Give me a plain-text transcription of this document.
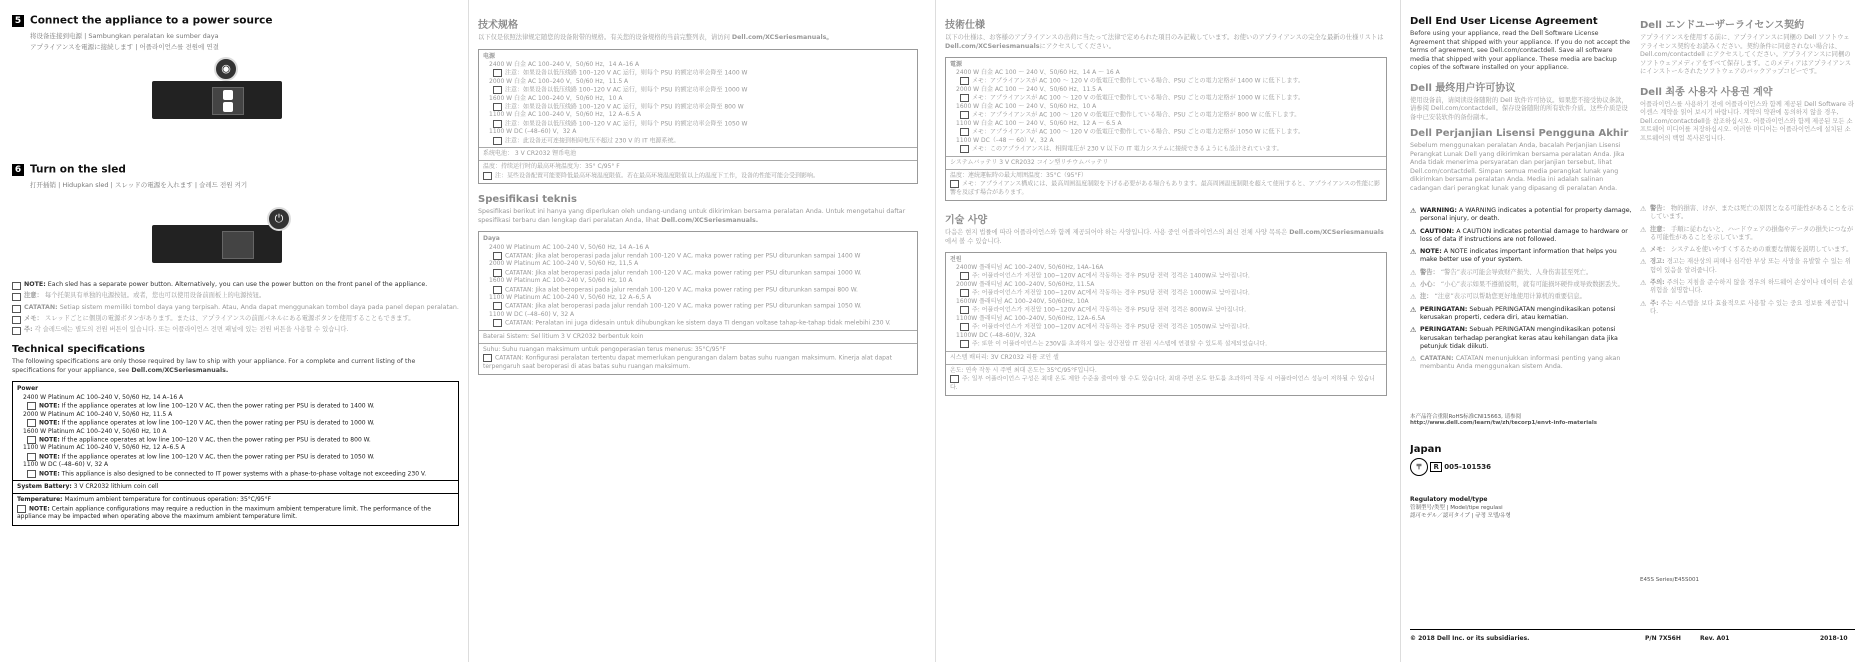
5 Connect the appliance to a power source
将设备连接到电源 | Sambungkan peralatan ke sumber daya
アプライアンスを電源に接続します | 어플라이언스를 전원에 연결
◉
6 Turn on the sled
打开插销 | Hidupkan sled | スレッドの電源を入れます | 슬레드 전원 켜기
⏻
NOTE: Each sled has a separate power button. Alternatively, you can use the power button on the front panel of the appliance.
注意： 每个托架具有单独的电源按钮。或者，您也可以使用设备前面板上的电源按钮。
CATATAN: Setiap sistem memiliki tombol daya yang terpisah. Atau, Anda dapat menggunakan tombol daya pada panel depan peralatan.
メモ： スレッドごとに個別の電源ボタンがあります。または、アプライアンスの前面パネルにある電源ボタンを使用することもできます。
주: 각 슬레드에는 별도의 전원 버튼이 있습니다. 또는 어플라이언스 전면 패널에 있는 전원 버튼을 사용할 수 있습니다.
Technical specifications
The following specifications are only those required by law to ship with your appliance. For a complete and current listing of the specifications for your appliance, see Dell.com/XCSeriesmanuals.
Power
2400 W Platinum AC 100–240 V, 50/60 Hz, 14 A–16 A
NOTE: If the appliance operates at low line 100–120 V AC, then the power rating per PSU is derated to 1400 W.
2000 W Platinum AC 100–240 V, 50/60 Hz, 11.5 A
NOTE: If the appliance operates at low line 100–120 V AC, then the power rating per PSU is derated to 1000 W.
1600 W Platinum AC 100–240 V, 50/60 Hz, 10 A
NOTE: If the appliance operates at low line 100–120 V AC, then the power rating per PSU is derated to 800 W.
1100 W Platinum AC 100–240 V, 50/60 Hz, 12 A–6.5 A
NOTE: If the appliance operates at low line 100–120 V AC, then the power rating per PSU is derated to 1050 W.
1100 W DC (–48–60) V, 32 A
NOTE: This appliance is also designed to be connected to IT power systems with a phase-to-phase voltage not exceeding 230 V.
System Battery: 3 V CR2032 lithium coin cell
Temperature: Maximum ambient temperature for continuous operation: 35°C/95°F
NOTE: Certain appliance configurations may require a reduction in the maximum ambient temperature limit. The performance of the appliance may be impacted when operating above the maximum ambient temperature limit.
技术规格
以下仅是依照法律规定随您的设备附带的规格。有关您的设备规格的当前完整列表，请访问 Dell.com/XCSeriesmanuals。
电源
2400 W 白金 AC 100–240 V，50/60 Hz，14 A–16 A
注意：如果设备以低压线路 100–120 V AC 运行，则每个 PSU 的额定功率会降至 1400 W
2000 W 白金 AC 100–240 V，50/60 Hz，11.5 A
注意：如果设备以低压线路 100–120 V AC 运行，则每个 PSU 的额定功率会降至 1000 W
1600 W 白金 AC 100–240 V，50/60 Hz，10 A
注意：如果设备以低压线路 100–120 V AC 运行，则每个 PSU 的额定功率会降至 800 W
1100 W 白金 AC 100–240 V，50/60 Hz，12 A–6.5 A
注意：如果设备以低压线路 100–120 V AC 运行，则每个 PSU 的额定功率会降至 1050 W
1100 W DC (–48–60) V，32 A
注意：此设备还可连接到相间电压不超过 230 V 的 IT 电源系统。
系统电池： 3 V CR2032 锂币电池
温度：持续运行时的最高环境温度为：35° C/95° F
注：某些设备配置可能要降低最高环境温度限值。若在最高环境温度限值以上的温度下工作，设备的性能可能会受到影响。
Spesifikasi teknis
Spesifikasi berikut ini hanya yang diperlukan oleh undang-undang untuk dikirimkan bersama peralatan Anda. Untuk mengetahui daftar spesifikasi terbaru dan lengkap dari peralatan Anda, lihat Dell.com/XCSeriesmanuals.
Daya
2400 W Platinum AC 100–240 V, 50/60 Hz, 14 A–16 A
CATATAN: Jika alat beroperasi pada jalur rendah 100-120 V AC, maka power rating per PSU diturunkan sampai 1400 W
2000 W Platinum AC 100–240 V, 50/60 Hz, 11,5 A
CATATAN: Jika alat beroperasi pada jalur rendah 100-120 V AC, maka power rating per PSU diturunkan sampai 1000 W.
1600 W Platinum AC 100–240 V, 50/60 Hz, 10 A
CATATAN: Jika alat beroperasi pada jalur rendah 100-120 V AC, maka power rating per PSU diturunkan sampai 800 W.
1100 W Platinum AC 100–240 V, 50/60 Hz, 12 A–6,5 A
CATATAN: Jika alat beroperasi pada jalur rendah 100-120 V AC, maka power rating per PSU diturunkan sampai 1050 W.
1100 W DC (–48–60) V, 32 A
CATATAN: Peralatan ini juga didesain untuk dihubungkan ke sistem daya TI dengan voltase tahap-ke-tahap tidak melebihi 230 V.
Baterai Sistem: Sel litium 3 V CR2032 berbentuk koin
Suhu: Suhu ruangan maksimum untuk pengoperasian terus menerus: 35°C/95°F
CATATAN: Konfigurasi peralatan tertentu dapat memerlukan pengurangan dalam batas suhu ruangan maksimum. Kinerja alat dapat terpengaruh saat beroperasi di atas batas suhu ruangan maksimum.
技術仕様
以下の仕様は、お客様のアプライアンスの出荷に当たって法律で定められた項目のみ記載しています。お使いのアプライアンスの完全な最新の仕様リストは Dell.com/XCSeriesmanualsにアクセスしてください。
電源
2400 W 白金 AC 100 〜 240 V、50/60 Hz、14 A 〜 16 A
メモ：アプライアンスが AC 100 〜 120 V の低電圧で動作している場合、PSU ごとの電力定格が 1400 W に低下します。
2000 W 白金 AC 100 〜 240 V、50/60 Hz、11.5 A
メモ：アプライアンスが AC 100 〜 120 V の低電圧で動作している場合、PSU ごとの電力定格が 1000 W に低下します。
1600 W 白金 AC 100 〜 240 V、50/60 Hz、10 A
メモ：アプライアンスが AC 100 〜 120 V の低電圧で動作している場合、PSU ごとの電力定格が 800 W に低下します。
1100 W 白金 AC 100 〜 240 V、50/60 Hz、12 A 〜 6.5 A
メモ：アプライアンスが AC 100 〜 120 V の低電圧で動作している場合、PSU ごとの電力定格が 1050 W に低下します。
1100 W DC（–48 〜 60）V、32 A
メモ：このアプライアンスは、相間電圧が 230 V 以下の IT 電力システムに接続できるようにも設計されています。
システムバッテリ 3 V CR2032 コイン型リチウムバッテリ
温度：連続運転時の最大周囲温度：35°C（95°F）
メモ：アプライアンス構成には、最高周囲温度制限を下げる必要がある場合もあります。最高周囲温度制限を超えて使用すると、アプライアンスの性能に影響を及ぼす場合があります。
기술 사양
다음은 현지 법률에 따라 어플라이언스와 함께 제공되어야 하는 사양입니다. 사용 중인 어플라이언스의 최신 전체 사양 목록은 Dell.com/XCSeriesmanuals에서 볼 수 있습니다.
전원
2400W 플래티넘 AC 100–240V, 50/60Hz, 14A–16A
주: 어플라이언스가 저전압 100~120V AC에서 작동하는 경우 PSU당 전력 정격은 1400W로 낮아집니다.
2000W 플래티넘 AC 100–240V, 50/60Hz, 11.5A
주: 어플라이언스가 저전압 100~120V AC에서 작동하는 경우 PSU당 전력 정격은 1000W로 낮아집니다.
1600W 플래티넘 AC 100–240V, 50/60Hz, 10A
주: 어플라이언스가 저전압 100~120V AC에서 작동하는 경우 PSU당 전력 정격은 800W로 낮아집니다.
1100W 플래티넘 AC 100–240V, 50/60Hz, 12A–6.5A
주: 어플라이언스가 저전압 100~120V AC에서 작동하는 경우 PSU당 전력 정격은 1050W로 낮아집니다.
1100W DC (–48–60)V, 32A
주: 또한 이 어플라이언스는 230V를 초과하지 않는 상간전압 IT 전원 시스템에 연결할 수 있도록 설계되었습니다.
시스템 배터리: 3V CR2032 리튬 코인 셀
온도: 연속 작동 시 주변 최대 온도는 35°C/95°F입니다.
주: 일부 어플라이언스 구성은 최대 온도 제한 수준을 줄여야 할 수도 있습니다. 최대 주변 온도 한도를 초과하여 작동 시 어플라이언스 성능이 저하될 수 있습니다.
Dell End User License Agreement
Before using your appliance, read the Dell Software License Agreement that shipped with your appliance. If you do not accept the terms of agreement, see Dell.com/contactdell. Save all software media that shipped with your appliance. These media are backup copies of the software installed on your appliance.
Dell 最终用户许可协议
使用设备前，请阅读设备随附的 Dell 软件许可协议。如果您不接受协议条款，请参阅 Dell.com/contactdell。保存设备随附的所有软件介质。这些介质是设备中已安装软件的备份副本。
Dell Perjanjian Lisensi Pengguna Akhir
Sebelum menggunakan peralatan Anda, bacalah Perjanjian Lisensi Perangkat Lunak Dell yang dikirimkan bersama peralatan Anda. Jika Anda tidak menerima persyaratan dan perjanjian tersebut, lihat Dell.com/contactdell. Simpan semua media perangkat lunak yang dikirimkan bersama peralatan Anda. Media ini adalah salinan cadangan dari perangkat lunak yang dipasang di peralatan Anda.
⚠ WARNING: A WARNING indicates a potential for property damage, personal injury, or death.
⚠ CAUTION: A CAUTION indicates potential damage to hardware or loss of data if instructions are not followed.
⚠ NOTE: A NOTE indicates important information that helps you make better use of your system.
⚠ 警告： “警告”表示可能会导致财产损失、人身伤害甚至死亡。
⚠ 小心： “小心”表示如果不遵循说明，就有可能损坏硬件或导致数据丢失。
⚠ 注： “注意”表示可以帮助您更好地使用计算机的重要信息。
⚠ PERINGATAN: Sebuah PERINGATAN mengindikasikan potensi kerusakan properti, cedera diri, atau kematian.
⚠ PERINGATAN: Sebuah PERINGATAN mengindikasikan potensi kerusakan terhadap perangkat keras atau kehilangan data jika petunjuk tidak diikuti.
⚠ CATATAN: CATATAN menunjukkan informasi penting yang akan membantu Anda menggunakan sistem Anda.
本产品符合重限RoHS标准CNI15663, 请参阅 http://www.dell.com/learn/tw/zh/tecorp1/envt-info-materials
Japan
〒 R 005-101536
Regulatory model/type
管制型号/类型 | Model/tipe regulasi
認可モデル／認可タイプ | 규정 모델/유형
E45S Series/E45S001
Dell エンドユーザーライセンス契約
アプライアンスを使用する前に、アプライアンスに同梱の Dell ソフトウェアライセンス契約をお読みください。契約条件に同意されない場合は、Dell.com/contactdell にアクセスしてください。アプライアンスに同梱のソフトウェアメディアをすべて保存します。このメディアはアプライアンスにインストールされたソフトウェアのバックアップコピーです。
Dell 최종 사용자 사용권 계약
어플라이언스를 사용하기 전에 어플라이언스와 함께 제공된 Dell Software 라이센스 계약을 읽어 보시기 바랍니다. 계약의 약관에 동의하지 않을 경우, Dell.com/contactdell을 참조하십시오. 어플라이언스와 함께 제공된 모든 소프트웨어 미디어를 저장하십시오. 이러한 미디어는 어플라이언스에 설치된 소프트웨어의 백업 복사본입니다.
⚠ 警告： 物的損害、けが、または死亡の原因となる可能性があることを示しています。
⚠ 注意： 手順に従わないと、ハードウェアの損傷やデータの損失につながる可能性があることを示しています。
⚠ メモ： システムを使いやすくするための重要な情報を説明しています。
⚠ 경고: 경고는 재산상의 피해나 심각한 부상 또는 사망을 유발할 수 있는 위험이 있음을 알려줍니다.
⚠ 주의: 주의는 지침을 준수하지 않을 경우의 하드웨어 손상이나 데이터 손실 위험을 설명합니다.
⚠ 주: 주는 시스템을 보다 효율적으로 사용할 수 있는 중요 정보를 제공합니다.
© 2018 Dell Inc. or its subsidiaries.	P/N 7X56H	Rev. A01	2018-10
